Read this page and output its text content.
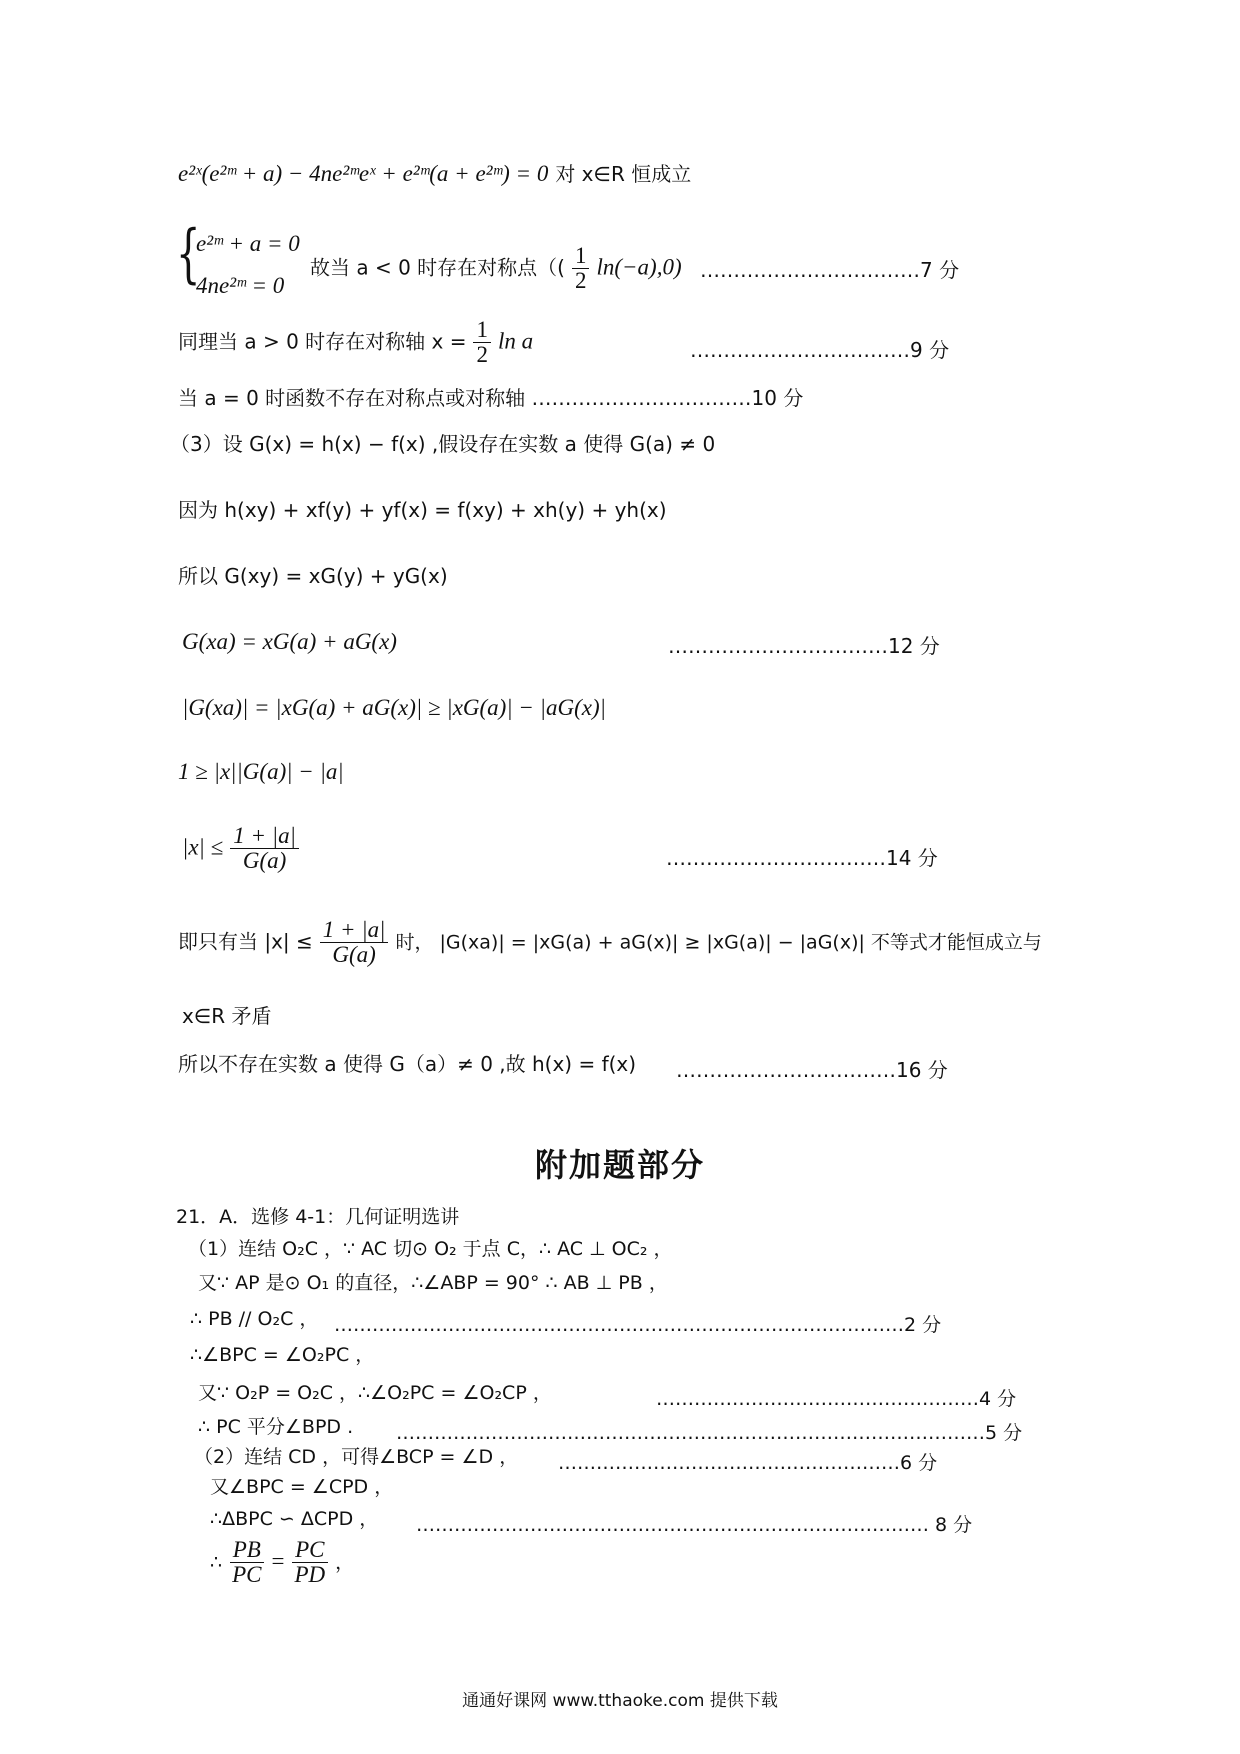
e²ˣ(e²ᵐ + a) − 4ne²ᵐeˣ + e²ᵐ(a + e²ᵐ) = 0 对 x∈R 恒成立
{
e²ᵐ + a = 0
4ne²ᵐ = 0
故当 a < 0 时存在对称点（( $\frac{1}{2} \ln(-a),0$) ……………………………7 分
同理当 a > 0 时存在对称轴 $x = \frac{1}{2}$ ln a	……………………………9 分
当 a = 0 时函数不存在对称点或对称轴 ……………………………10 分
（3）设 G(x) = h(x) − f(x) ,假设存在实数 a 使得 G(a) ≠ 0
因为 h(xy) + xf(y) + yf(x) = f(xy) + xh(y) + yh(x)
所以 G(xy) = xG(y) + yG(x)
G(xa) = xG(a) + aG(x)	……………………………12 分
|G(xa)| = |xG(a) + aG(x)| ≥ |xG(a)| − |aG(x)|
1 ≥ |x||G(a)| − |a|
$|x| \le \frac{1 + |a|}{G(a)}$	……………………………14 分
即只有当 $|x| \le \frac{1 + |a|}{G(a)}$ 时， |G(xa)| = |xG(a) + aG(x)| ≥ |xG(a)| − |aG(x)| 不等式才能恒成立与
x∈R 矛盾
所以不存在实数 a 使得 G（a）≠ 0 ,故 h(x) = f(x) ……………………………16 分
附加题部分
21．A．选修 4-1：几何证明选讲
（1）连结 O₂C ，∵ AC 切⊙ O₂ 于点 C，∴ AC ⊥ OC₂ ，
又∵ AP 是⊙ O₁ 的直径，∴∠ABP = 90° ∴ AB ⊥ PB ，
∴ PB // O₂C ， ………………………………………………………………………………2 分
∴∠BPC = ∠O₂PC ，
又∵ O₂P = O₂C ，∴∠O₂PC = ∠O₂CP ，	……………………………………………4 分
∴ PC 平分∠BPD . …………………………………………………………………………………5 分
（2）连结 CD ，可得∠BCP = ∠D ， ………………………………………………6 分
又∠BPC = ∠CPD ，
∴ΔBPC ∽ ΔCPD ， ……………………………………………………………………… 8 分
∴ $\frac{PB}{PC} = \frac{PC}{PD}$ ，
通通好课网 www.tthaoke.com 提供下载
